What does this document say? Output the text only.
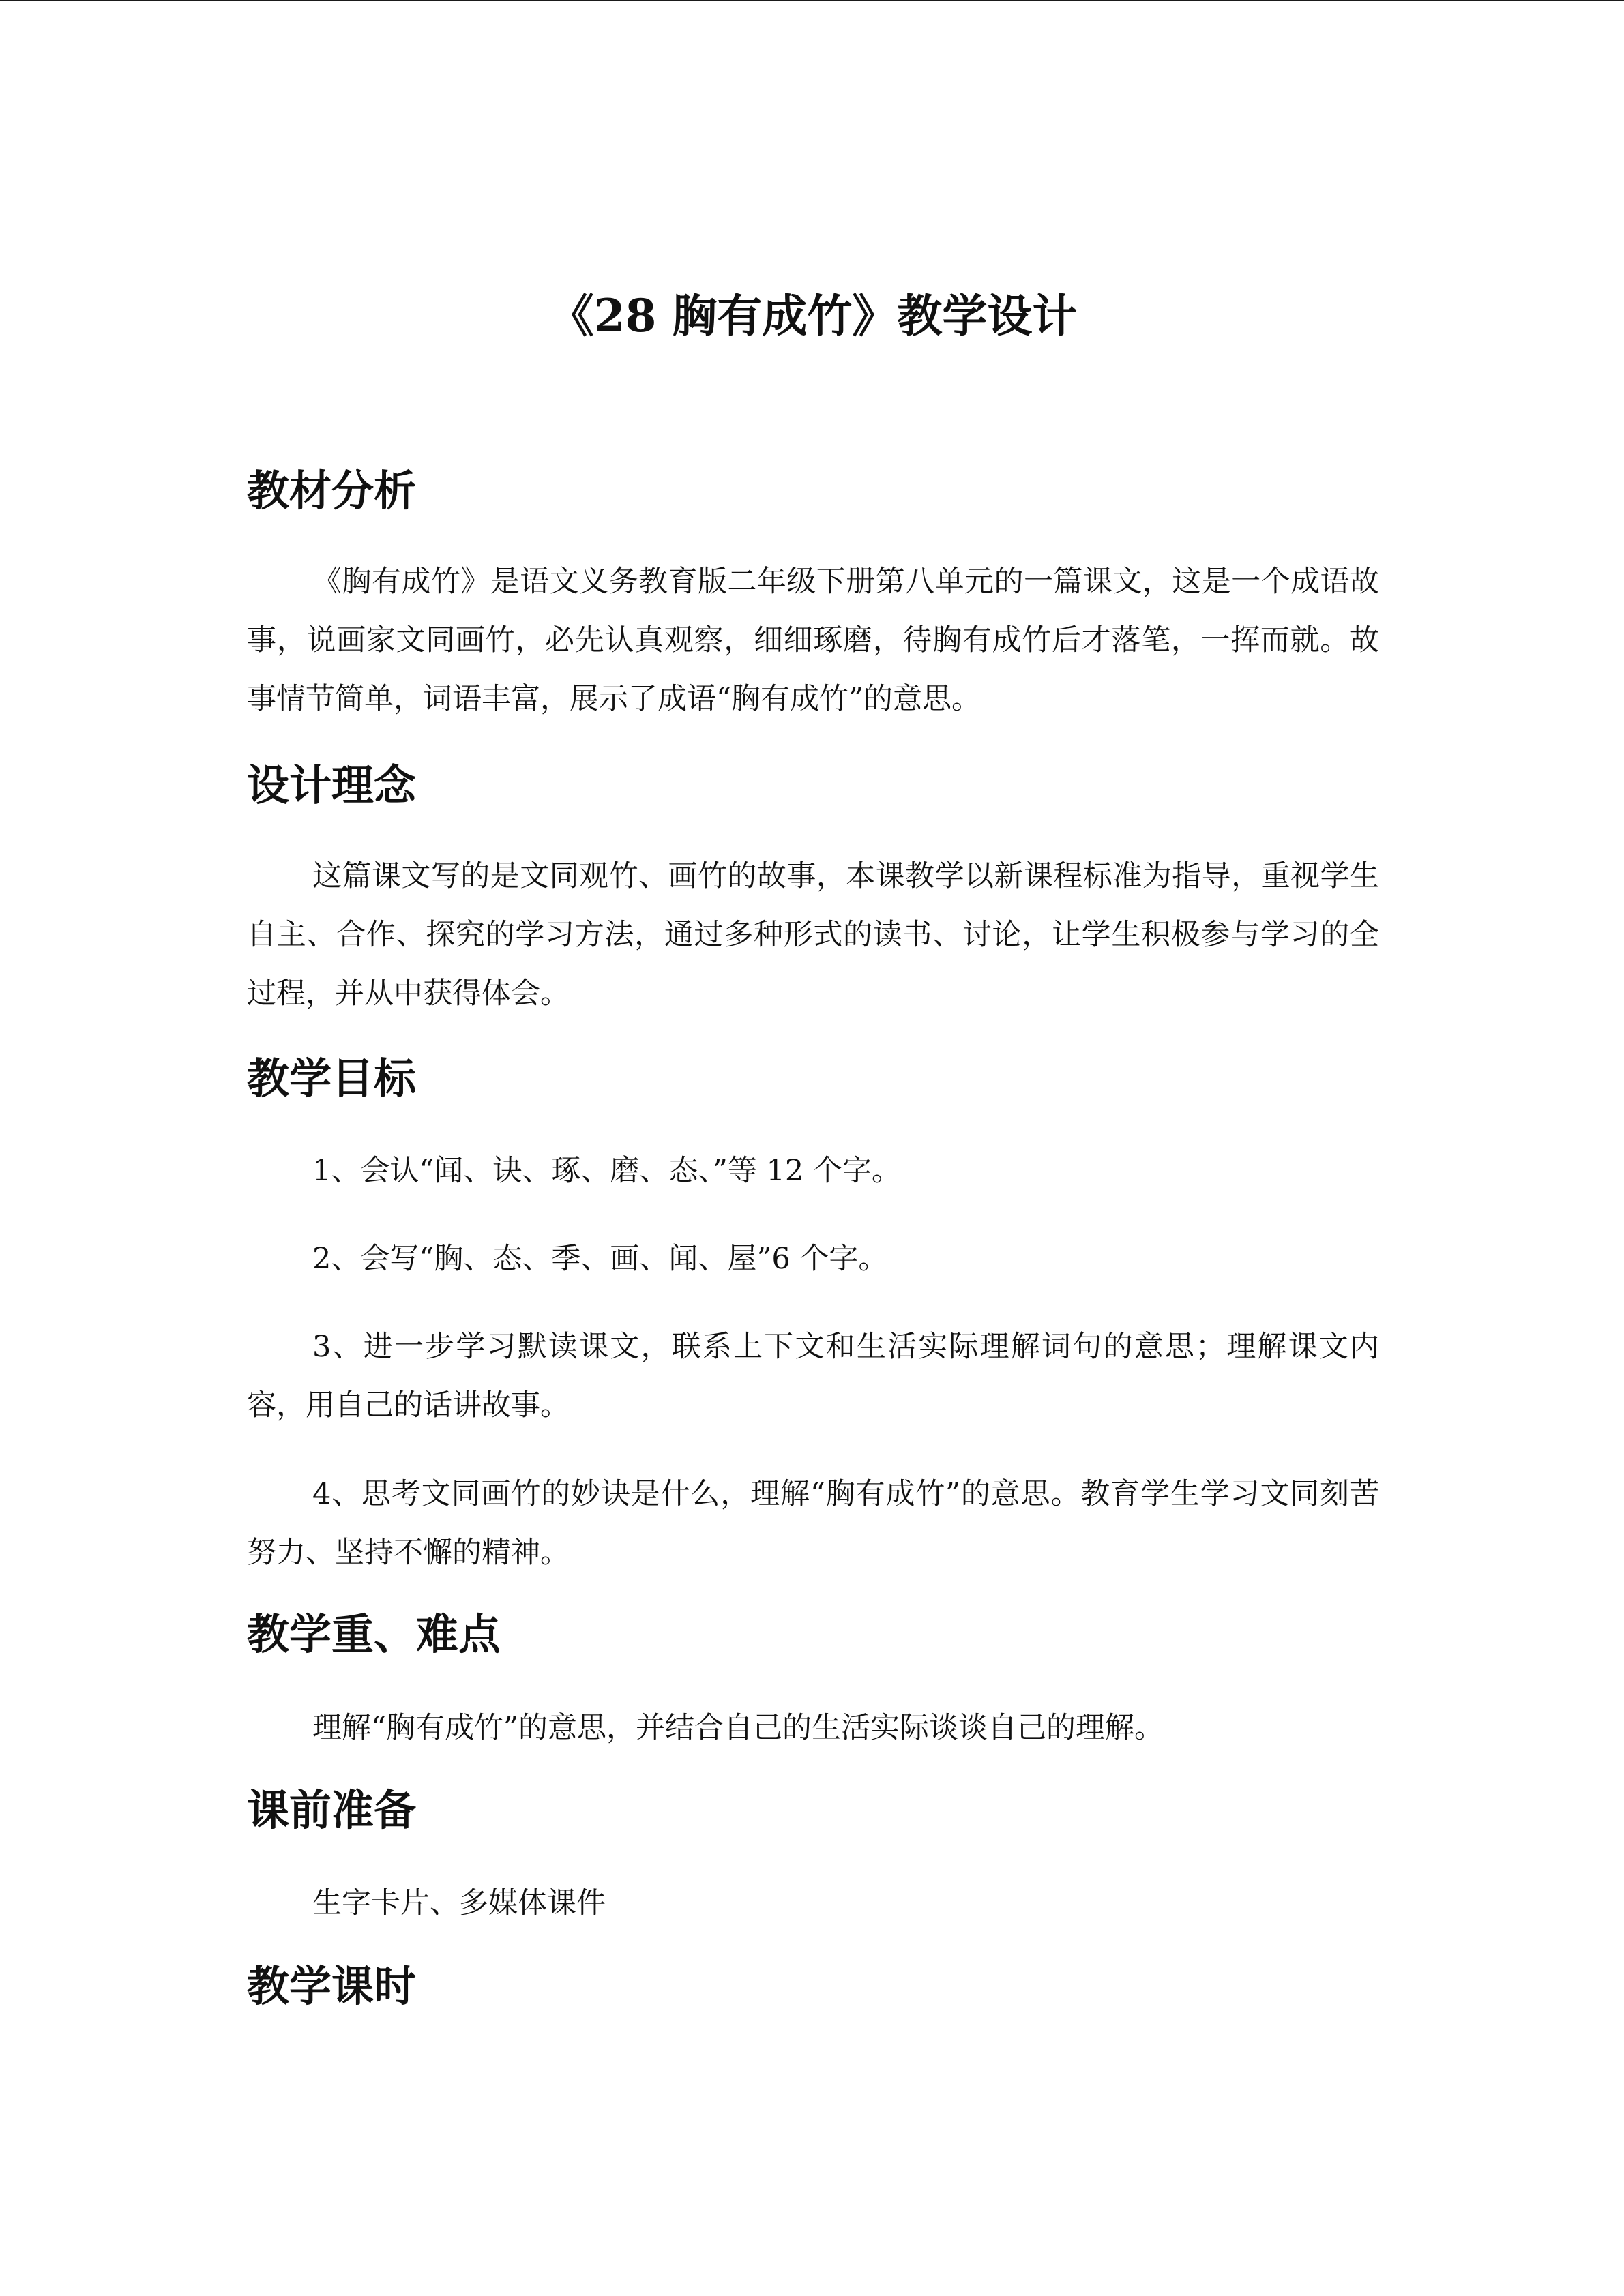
《28 胸有成竹》教学设计
教材分析

《胸有成竹》是语文义务教育版二年级下册第八单元的一篇课文，这是一个成语故事，说画家文同画竹，必先认真观察，细细琢磨，待胸有成竹后才落笔，一挥而就。故事情节简单，词语丰富，展示了成语“胸有成竹”的意思。

设计理念

这篇课文写的是文同观竹、画竹的故事，本课教学以新课程标准为指导，重视学生自主、合作、探究的学习方法，通过多种形式的读书、讨论，让学生积极参与学习的全过程，并从中获得体会。

教学目标

1、会认“闻、诀、琢、磨、态、”等 12 个字。

2、会写“胸、态、季、画、闻、屋”6 个字。

3、进一步学习默读课文，联系上下文和生活实际理解词句的意思；理解课文内容，用自己的话讲故事。

4、思考文同画竹的妙诀是什么，理解“胸有成竹”的意思。教育学生学习文同刻苦努力、坚持不懈的精神。

教学重、难点

理解“胸有成竹”的意思，并结合自己的生活实际谈谈自己的理解。

课前准备

生字卡片、多媒体课件

教学课时
